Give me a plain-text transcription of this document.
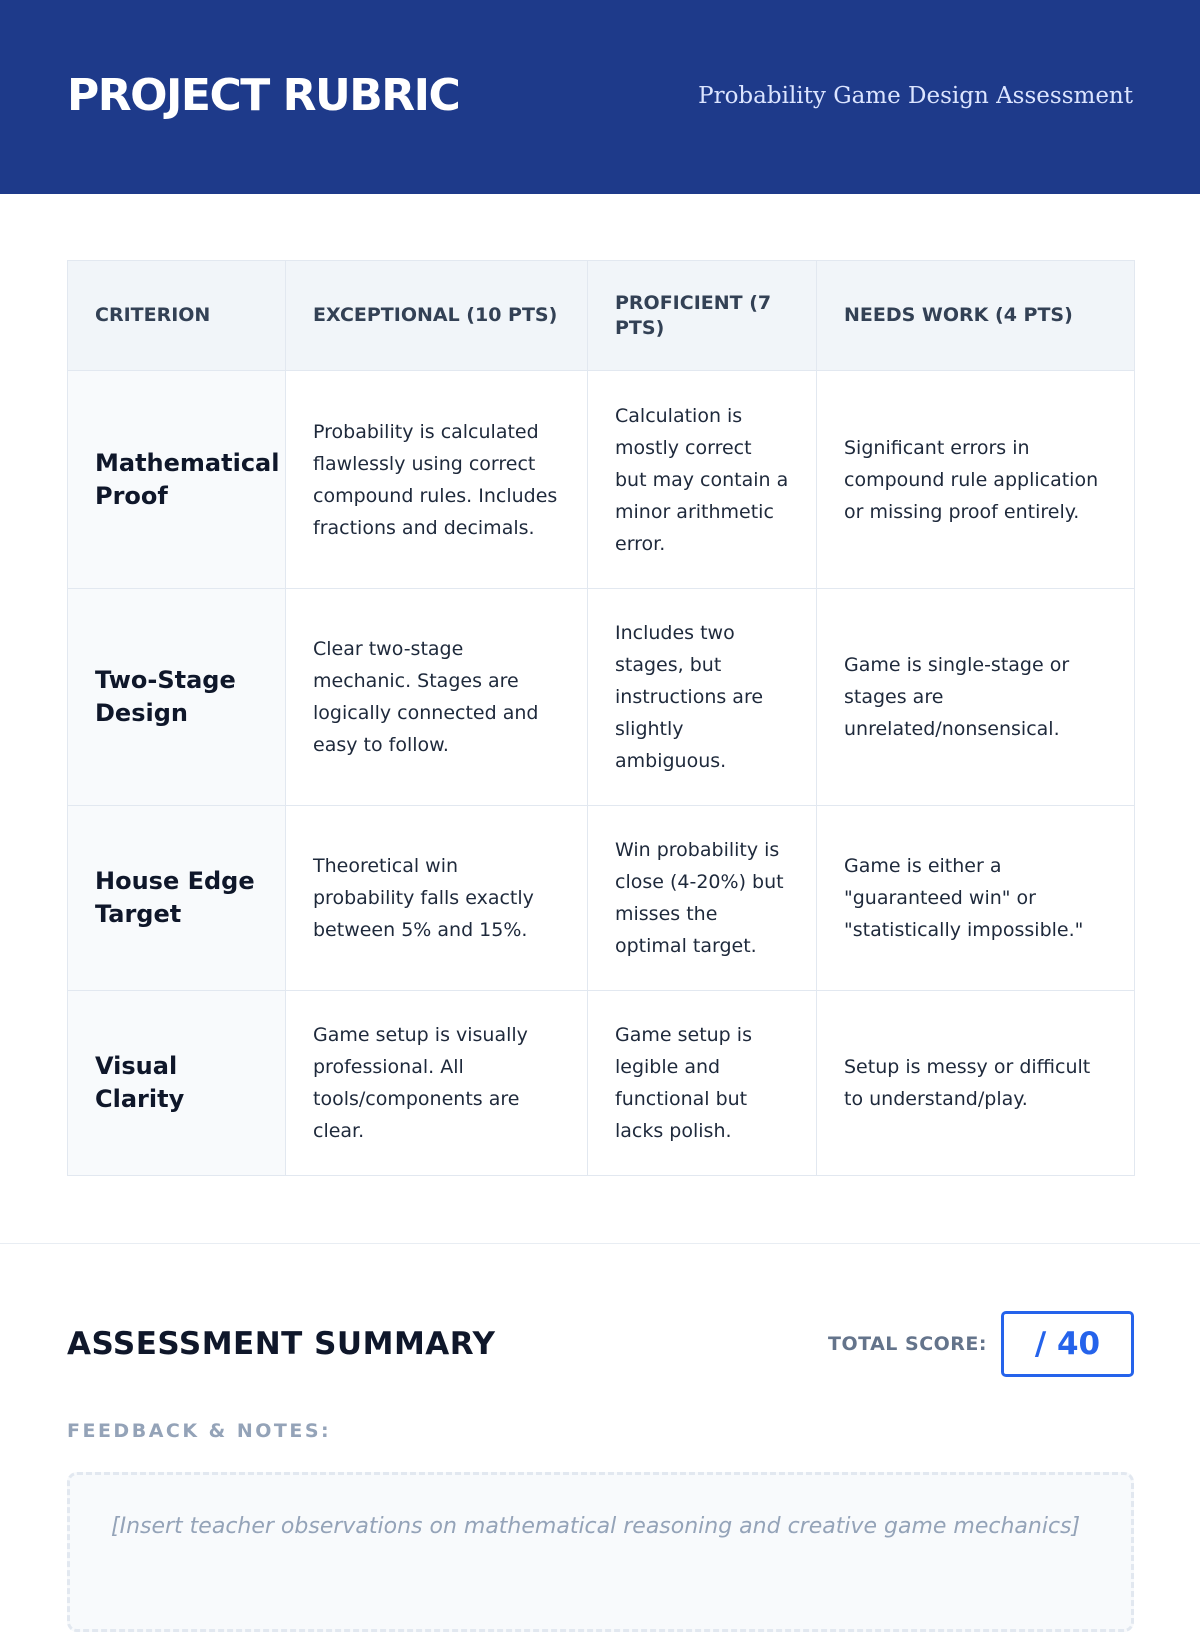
PROJECT RUBRIC	Probability Game Design Assessment
CRITERION	EXCEPTIONAL (10 PTS)	PROFICIENT (7 PTS)	NEEDS WORK (4 PTS)
Mathematical Proof	Probability is calculated flawlessly using correct compound rules. Includes fractions and decimals.	Calculation is mostly correct but may contain a minor arithmetic error.	Significant errors in compound rule application or missing proof entirely.
Two-Stage Design	Clear two-stage mechanic. Stages are logically connected and easy to follow.	Includes two stages, but instructions are slightly ambiguous.	Game is single-stage or stages are unrelated/nonsensical.
House Edge Target	Theoretical win probability falls exactly between 5% and 15%.	Win probability is close (4-20%) but misses the optimal target.	Game is either a "guaranteed win" or "statistically impossible."
Visual Clarity	Game setup is visually professional. All tools/components are clear.	Game setup is legible and functional but lacks polish.	Setup is messy or difficult to understand/play.
ASSESSMENT SUMMARY	TOTAL SCORE: / 40
FEEDBACK & NOTES:
[Insert teacher observations on mathematical reasoning and creative game mechanics]
